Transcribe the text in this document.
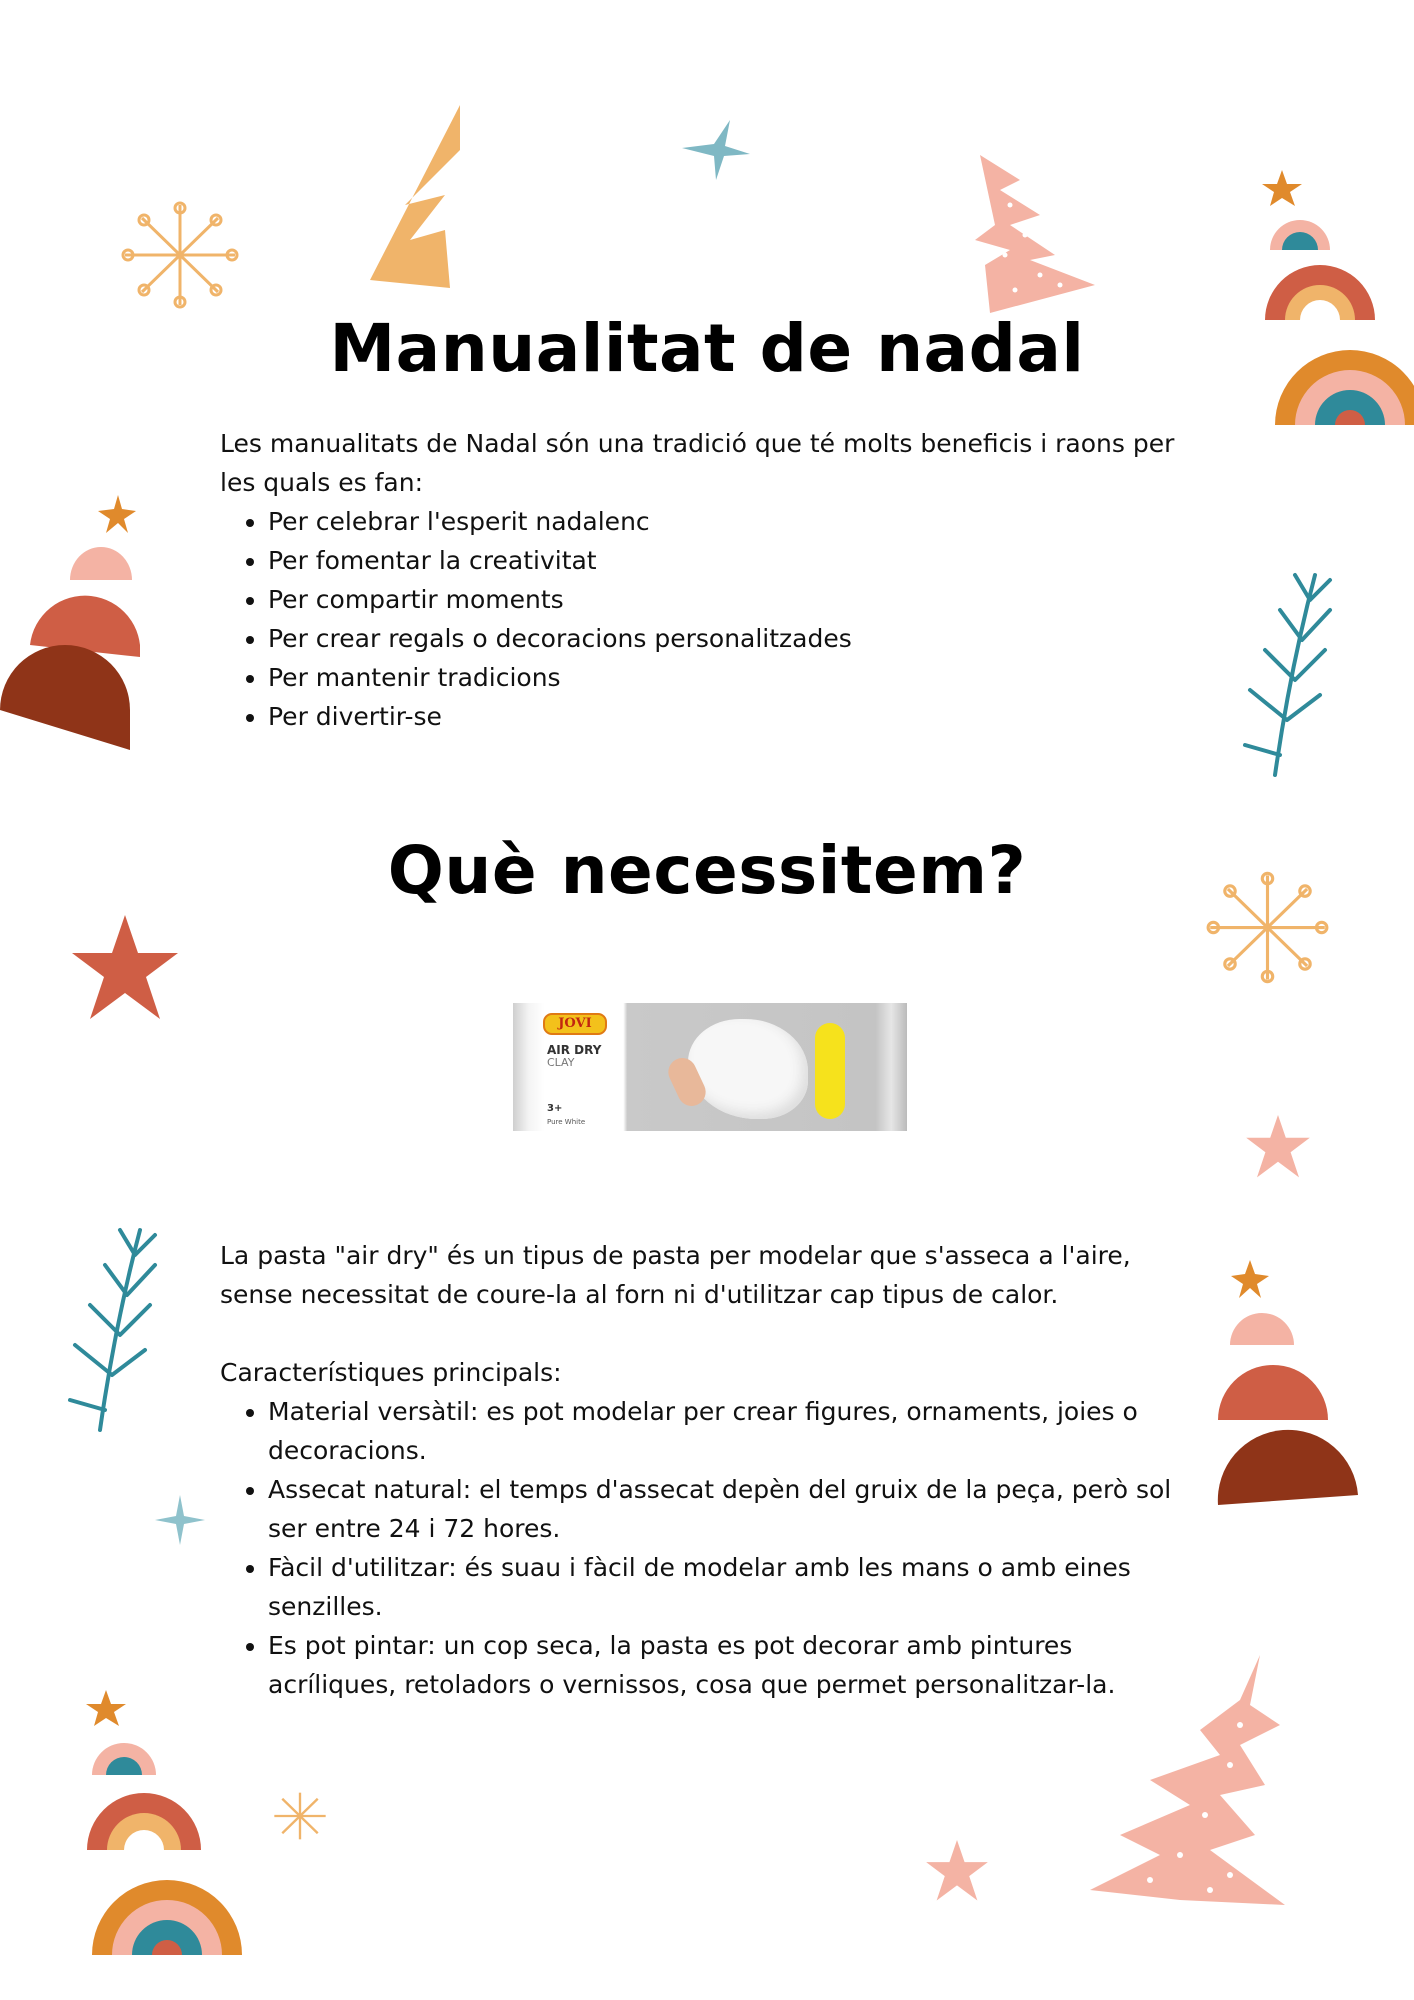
Manualitat de nadal

Les manualitats de Nadal són una tradició que té molts beneficis i raons per les quals es fan:

• Per celebrar l'esperit nadalenc
• Per fomentar la creativitat
• Per compartir moments
• Per crear regals o decoracions personalitzades
• Per mantenir tradicions
• Per divertir-se
Què necessitem?
JOVI
AIR DRY
CLAY
3+
Pure White

La pasta "air dry" és un tipus de pasta per modelar que s'asseca a l'aire, sense necessitat de coure-la al forn ni d'utilitzar cap tipus de calor.

Característiques principals:

• Material versàtil: es pot modelar per crear figures, ornaments, joies o decoracions.
• Assecat natural: el temps d'assecat depèn del gruix de la peça, però sol ser entre 24 i 72 hores.
• Fàcil d'utilitzar: és suau i fàcil de modelar amb les mans o amb eines senzilles.
• Es pot pintar: un cop seca, la pasta es pot decorar amb pintures acríliques, retoladors o vernissos, cosa que permet personalitzar-la.
